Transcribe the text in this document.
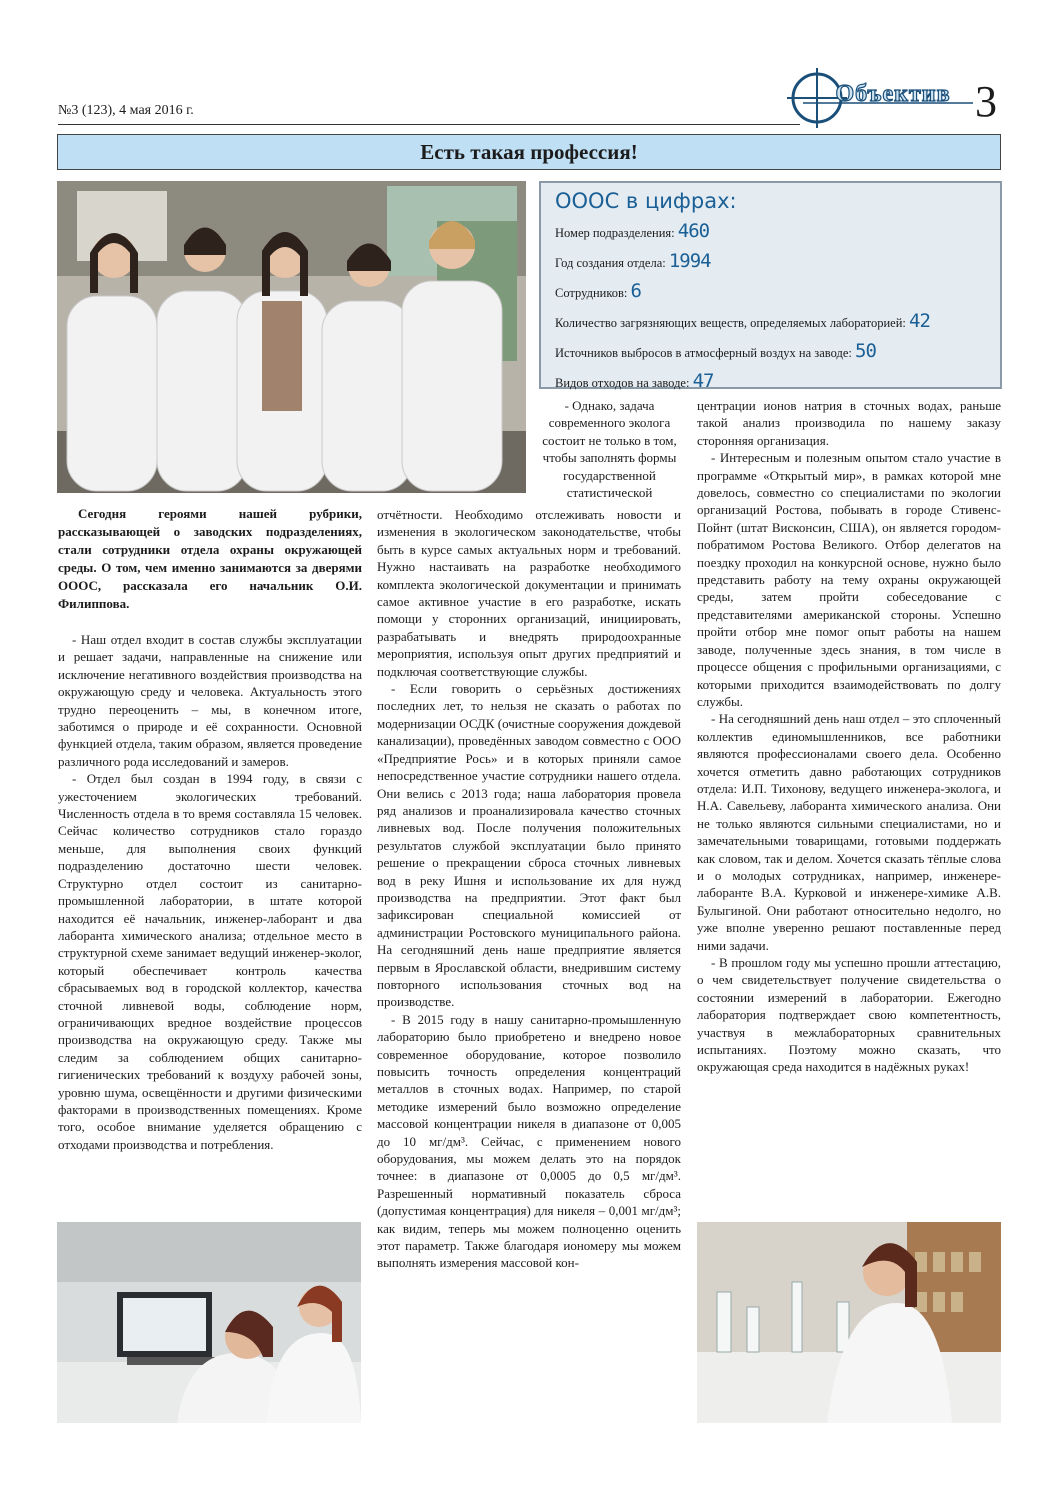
№3 (123), 4 мая 2016 г.
Объектив 3
Есть такая профессия!
ОООС в цифрах:
Номер подразделения: 460
Год создания отдела: 1994
Сотрудников: 6
Количество загрязняющих веществ, определяемых лабораторией: 42
Источников выбросов в атмосферный воздух на заводе: 50
Видов отходов на заводе: 47
Сегодня героями нашей рубрики, рассказывающей о заводских подразделениях, стали сотрудники отдела охраны окружающей среды. О том, чем именно занимаются за дверями ОООС, рассказала его начальник О.И. Филиппова.

- Наш отдел входит в состав службы эксплуатации и решает задачи, направленные на снижение или исключение негативного воздействия производства на окружающую среду и человека. Актуальность этого трудно переоценить – мы, в конечном итоге, заботимся о природе и её сохранности. Основной функцией отдела, таким образом, является проведение различного рода исследований и замеров.

- Отдел был создан в 1994 году, в связи с ужесточением экологических требований. Численность отдела в то время составляла 15 человек. Сейчас количество сотрудников стало гораздо меньше, для выполнения своих функций подразделению достаточно шести человек. Структурно отдел состоит из санитарно-промышленной лаборатории, в штате которой находится её начальник, инженер-лаборант и два лаборанта химического анализа; отдельное место в структурной схеме занимает ведущий инженер-эколог, который обеспечивает контроль качества сбрасываемых вод в городской коллектор, качества сточной ливневой воды, соблюдение норм, ограничивающих вредное воздействие процессов производства на окружающую среду. Также мы следим за соблюдением общих санитарно-гигиенических требований к воздуху рабочей зоны, уровню шума, освещённости и другими физическими факторами в производственных помещениях. Кроме того, особое внимание уделяется обращению с отходами производства и потребления.

- Однако, задача современного эколога состоит не только в том, чтобы заполнять формы государственной статистической

отчётности. Необходимо отслеживать новости и изменения в экологическом законодательстве, чтобы быть в курсе самых актуальных норм и требований. Нужно настаивать на разработке необходимого комплекта экологической документации и принимать самое активное участие в его разработке, искать помощи у сторонних организаций, инициировать, разрабатывать и внедрять природоохранные мероприятия, используя опыт других предприятий и подключая соответствующие службы.

- Если говорить о серьёзных достижениях последних лет, то нельзя не сказать о работах по модернизации ОСДК (очистные сооружения дождевой канализации), проведённых заводом совместно с ООО «Предприятие Рось» и в которых приняли самое непосредственное участие сотрудники нашего отдела. Они велись с 2013 года; наша лаборатория провела ряд анализов и проанализировала качество сточных ливневых вод. После получения положительных результатов службой эксплуатации было принято решение о прекращении сброса сточных ливневых вод в реку Ишня и использование их для нужд производства на предприятии. Этот факт был зафиксирован специальной комиссией от администрации Ростовского муниципального района. На сегодняшний день наше предприятие является первым в Ярославской области, внедрившим систему повторного использования сточных вод на производстве.

- В 2015 году в нашу санитарно-промышленную лабораторию было приобретено и внедрено новое современное оборудование, которое позволило повысить точность определения концентраций металлов в сточных водах. Например, по старой методике измерений было возможно определение массовой концентрации никеля в диапазоне от 0,005 до 10 мг/дм³. Сейчас, с применением нового оборудования, мы можем делать это на порядок точнее: в диапазоне от 0,0005 до 0,5 мг/дм³. Разрешенный нормативный показатель сброса (допустимая концентрация) для никеля – 0,001 мг/дм³; как видим, теперь мы можем полноценно оценить этот параметр. Также благодаря иономеру мы можем выполнять измерения массовой кон-

центрации ионов натрия в сточных водах, раньше такой анализ производила по нашему заказу сторонняя организация.

- Интересным и полезным опытом стало участие в программе «Открытый мир», в рамках которой мне довелось, совместно со специалистами по экологии организаций Ростова, побывать в городе Стивенс-Пойнт (штат Висконсин, США), он является городом-побратимом Ростова Великого. Отбор делегатов на поездку проходил на конкурсной основе, нужно было представить работу на тему охраны окружающей среды, затем пройти собеседование с представителями американской стороны. Успешно пройти отбор мне помог опыт работы на нашем заводе, полученные здесь знания, в том числе в процессе общения с профильными организациями, с которыми приходится взаимодействовать по долгу службы.

- На сегодняшний день наш отдел – это сплоченный коллектив единомышленников, все работники являются профессионалами своего дела. Особенно хочется отметить давно работающих сотрудников отдела: И.П. Тихонову, ведущего инженера-эколога, и Н.А. Савельеву, лаборанта химического анализа. Они не только являются сильными специалистами, но и замечательными товарищами, готовыми поддержать как словом, так и делом. Хочется сказать тёплые слова и о молодых сотрудниках, например, инженере-лаборанте В.А. Курковой и инженере-химике А.В. Булыгиной. Они работают относительно недолго, но уже вполне уверенно решают поставленные перед ними задачи.

- В прошлом году мы успешно прошли аттестацию, о чем свидетельствует получение свидетельства о состоянии измерений в лаборатории. Ежегодно лаборатория подтверждает свою компетентность, участвуя в межлабораторных сравнительных испытаниях. Поэтому можно сказать, что окружающая среда находится в надёжных руках!
